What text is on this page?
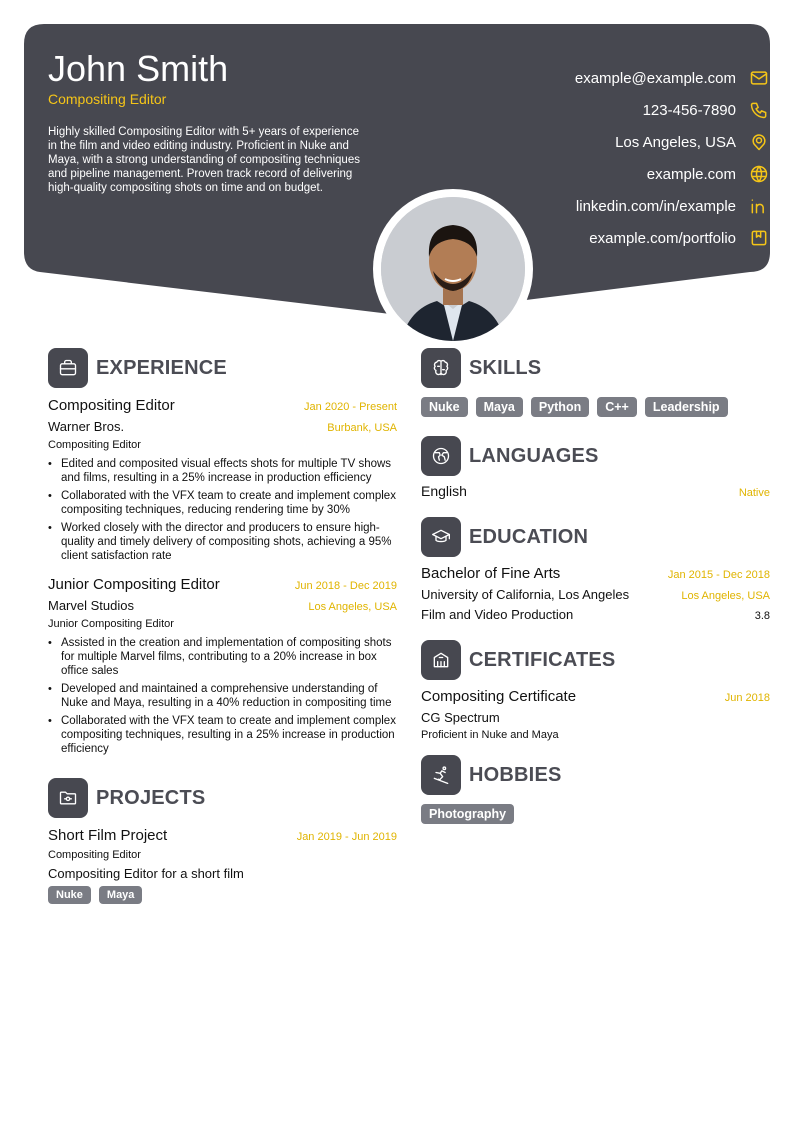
John Smith
Compositing Editor
Highly skilled Compositing Editor with 5+ years of experience in the film and video editing industry. Proficient in Nuke and Maya, with a strong understanding of compositing techniques and pipeline management. Proven track record of delivering high-quality compositing shots on time and on budget.
example@example.com
123-456-7890
Los Angeles, USA
example.com
linkedin.com/in/example
example.com/portfolio
EXPERIENCE
Compositing Editor	Jan 2020 - Present
Warner Bros.	Burbank, USA
Compositing Editor
• Edited and composited visual effects shots for multiple TV shows and films, resulting in a 25% increase in production efficiency
• Collaborated with the VFX team to create and implement complex compositing techniques, reducing rendering time by 30%
• Worked closely with the director and producers to ensure high-quality and timely delivery of compositing shots, achieving a 95% client satisfaction rate
Junior Compositing Editor	Jun 2018 - Dec 2019
Marvel Studios	Los Angeles, USA
Junior Compositing Editor
• Assisted in the creation and implementation of compositing shots for multiple Marvel films, contributing to a 20% increase in box office sales
• Developed and maintained a comprehensive understanding of Nuke and Maya, resulting in a 40% reduction in compositing time
• Collaborated with the VFX team to create and implement complex compositing techniques, resulting in a 25% increase in production efficiency
PROJECTS
Short Film Project	Jan 2019 - Jun 2019
Compositing Editor
Compositing Editor for a short film
Nuke	Maya
SKILLS
Nuke	Maya	Python	C++	Leadership
LANGUAGES
English	Native
EDUCATION
Bachelor of Fine Arts	Jan 2015 - Dec 2018
University of California, Los Angeles	Los Angeles, USA
Film and Video Production	3.8
CERTIFICATES
Compositing Certificate	Jun 2018
CG Spectrum
Proficient in Nuke and Maya
HOBBIES
Photography
